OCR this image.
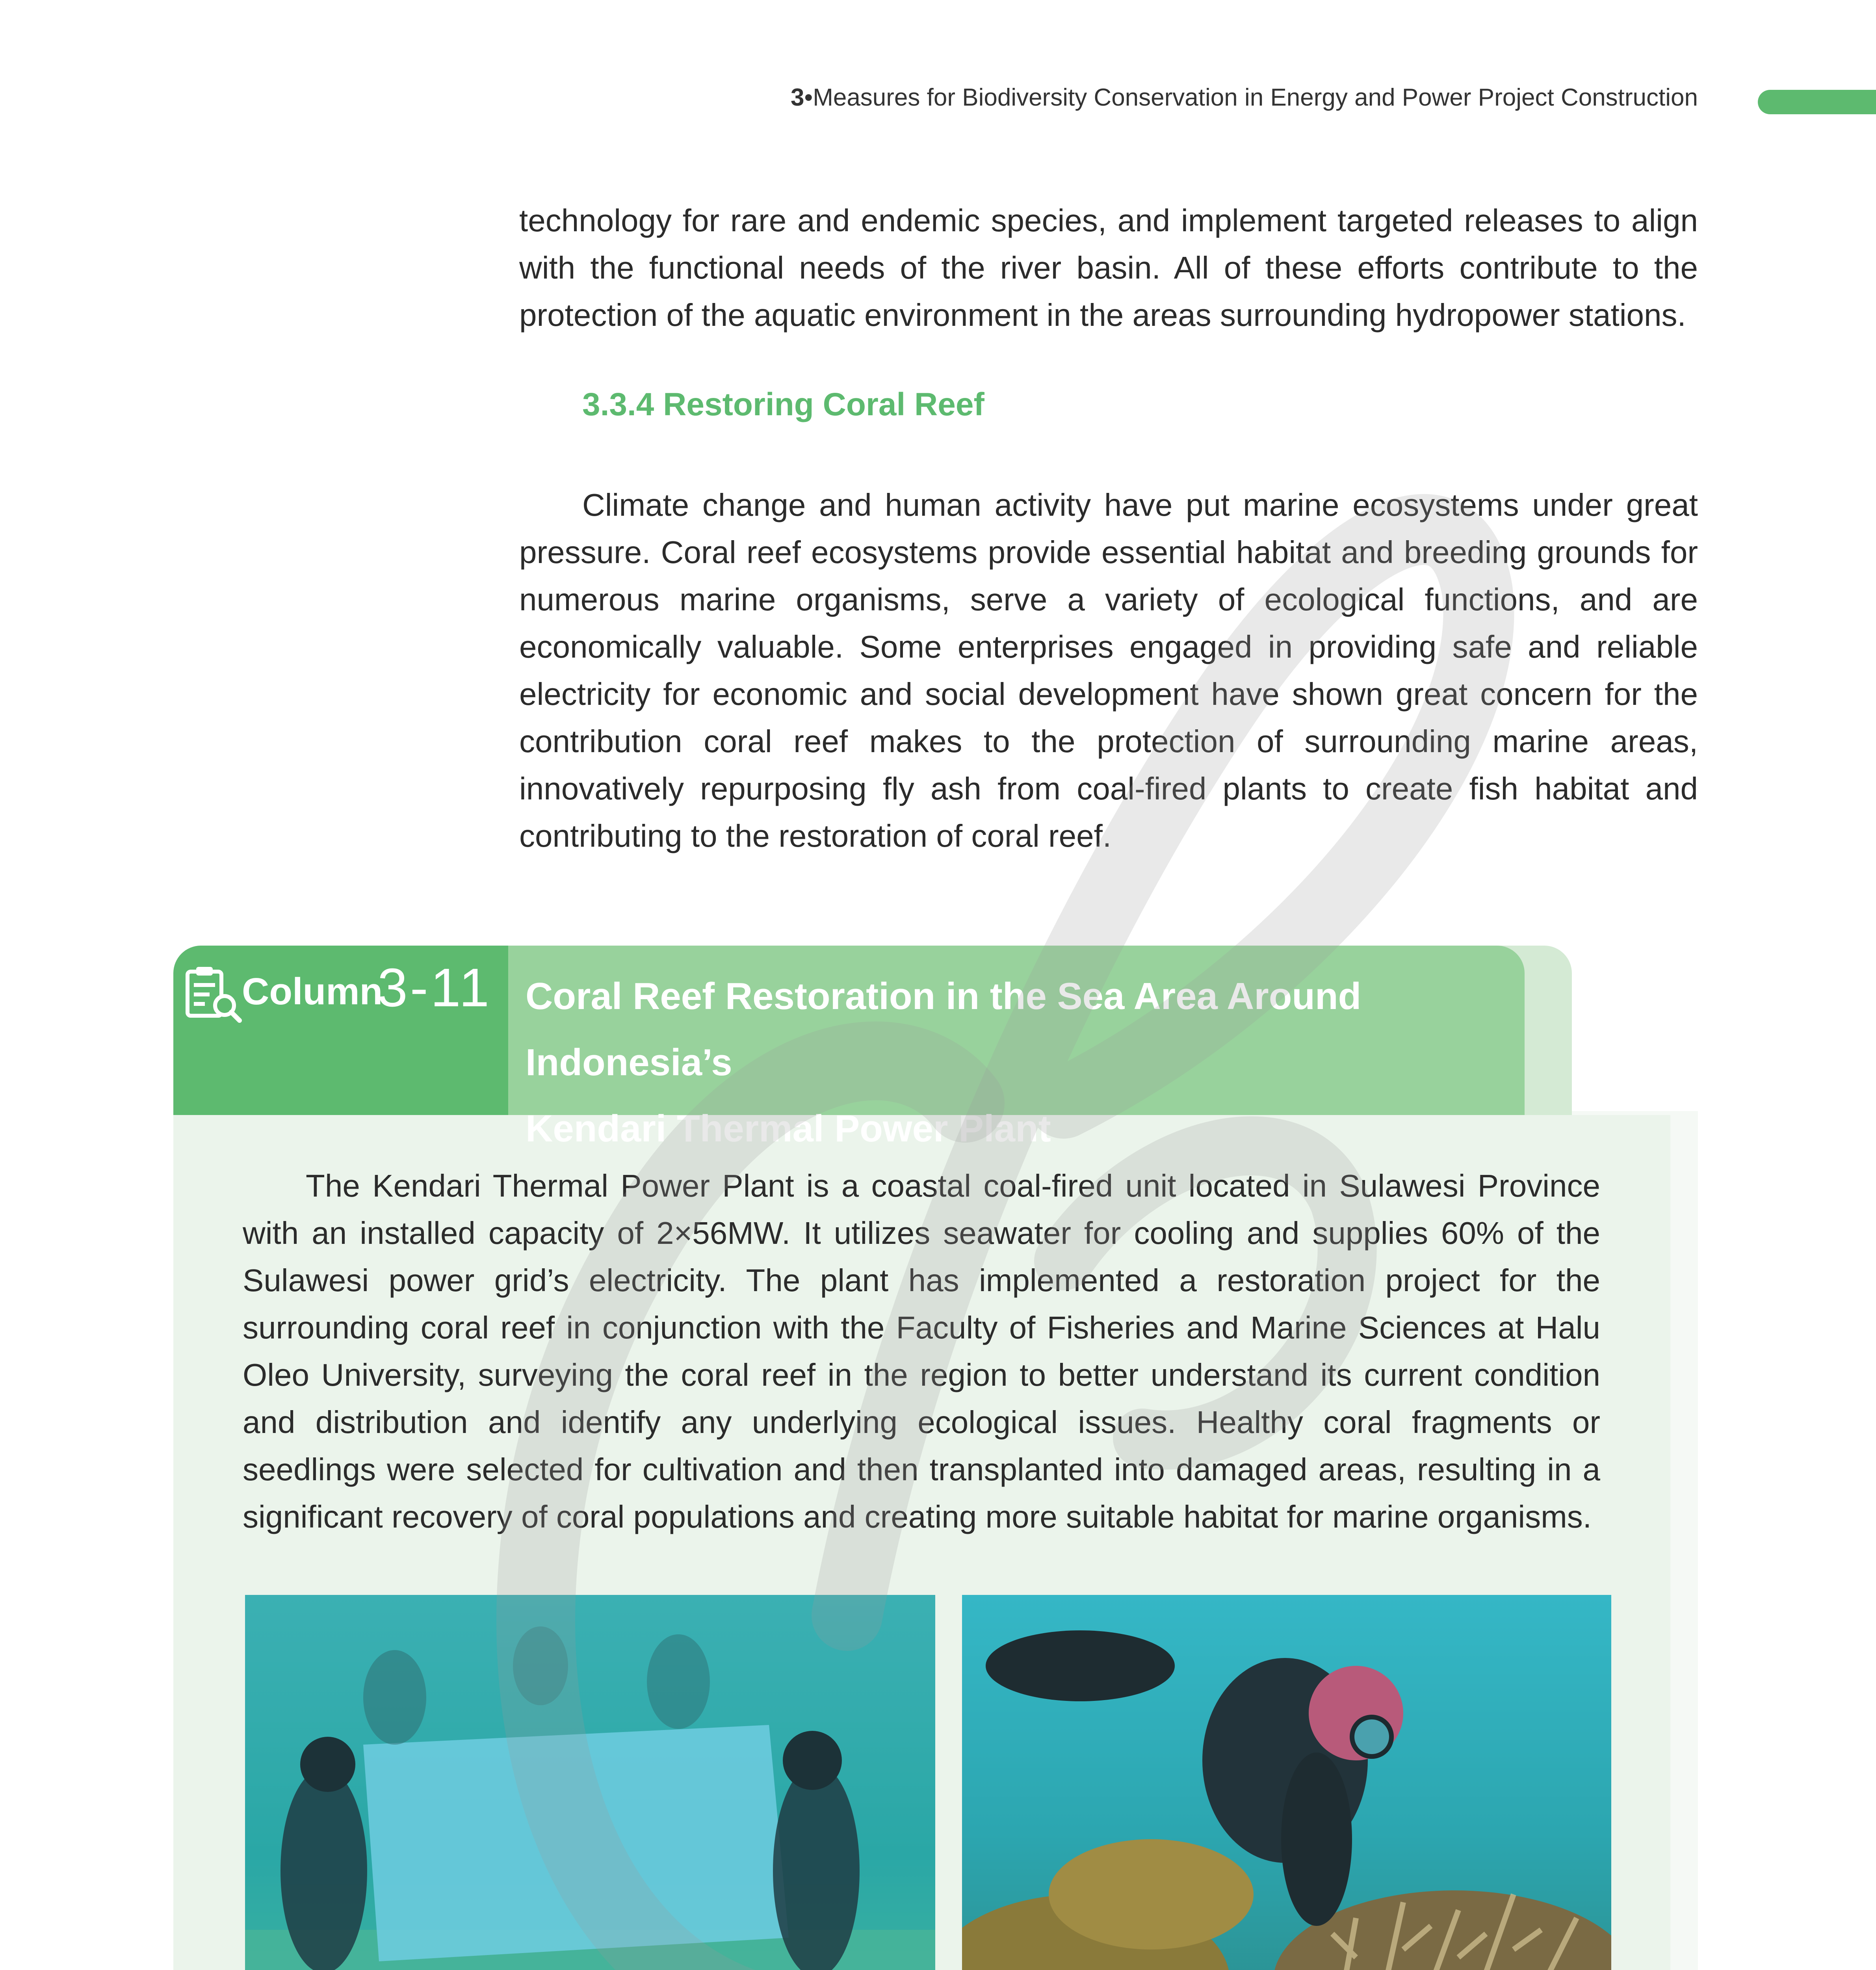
3•Measures for Biodiversity Conservation in Energy and Power Project Construction
technology for rare and endemic species, and implement targeted releases to align with the functional needs of the river basin. All of these efforts contribute to the protection of the aquatic environment in the areas surrounding hydropower stations.
3.3.4 Restoring Coral Reef
Climate change and human activity have put marine ecosystems under great pressure. Coral reef ecosystems provide essential habitat and breeding grounds for numerous marine organisms, serve a variety of ecological functions, and are economically valuable. Some enterprises engaged in providing safe and reliable electricity for economic and social development have shown great concern for the contribution coral reef makes to the protection of surrounding marine areas, innovatively repurposing fly ash from coal-fired plants to create fish habitat and contributing to the restoration of coral reef.
Column
3-11 Coral Reef Restoration in the Sea Area Around Indonesia’s
Kendari Thermal Power Plant
The Kendari Thermal Power Plant is a coastal coal-fired unit located in Sulawesi Province with an installed capacity of 2×56MW. It utilizes seawater for cooling and supplies 60% of the Sulawesi power grid’s electricity. The plant has implemented a restoration project for the surrounding coral reef in conjunction with the Faculty of Fisheries and Marine Sciences at Halu Oleo University, surveying the coral reef in the region to better understand its current condition and distribution and identify any underlying ecological issues. Healthy coral fragments or seedlings were selected for cultivation and then transplanted into damaged areas, resulting in a significant recovery of coral populations and creating more suitable habitat for marine organisms.
